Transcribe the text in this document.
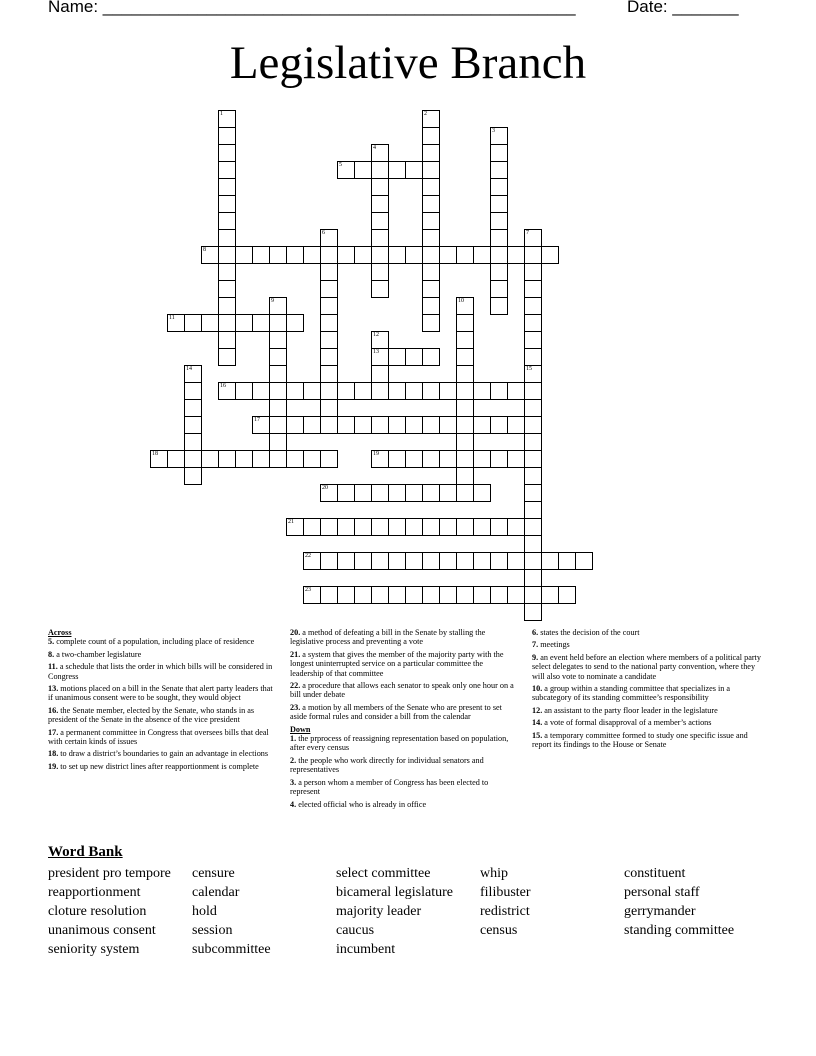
Name: __________________________________________________	Date: _______
Legislative Branch
1	2
3
4
5
6	7
8
9	10
11
12
13
14	15
16
17
18	19
20
21
22
23
Across
5. complete count of a population, including place of residence
8. a two-chamber legislature
11. a schedule that lists the order in which bills will be considered in Congress
13. motions placed on a bill in the Senate that alert party leaders that if unanimous consent were to be sought, they would object
16. the Senate member, elected by the Senate, who stands in as president of the Senate in the absence of the vice president
17. a permanent committee in Congress that oversees bills that deal with certain kinds of issues
18. to draw a district’s boundaries to gain an advantage in elections
19. to set up new district lines after reapportionment is complete
20. a method of defeating a bill in the Senate by stalling the legislative process and preventing a vote
21. a system that gives the member of the majority party with the longest uninterrupted service on a particular committee the leadership of that committee
22. a procedure that allows each senator to speak only one hour on a bill under debate
23. a motion by all members of the Senate who are present to set aside formal rules and consider a bill from the calendar
Down
1. the prprocess of reassigning representation based on population, after every census
2. the people who work directly for individual senators and representatives
3. a person whom a member of Congress has been elected to represent
4. elected official who is already in office
6. states the decision of the court
7. meetings
9. an event held before an election where members of a political party select delegates to send to the national party convention, where they will also vote to nominate a candidate
10. a group within a standing committee that specializes in a subcategory of its standing committee’s responsibility
12. an assistant to the party floor leader in the legislature
14. a vote of formal disapproval of a member’s actions
15. a temporary committee formed to study one specific issue and report its findings to the House or Senate
Word Bank
president pro tempore
reapportionment
cloture resolution
unanimous consent
seniority system
censure
calendar
hold
session
subcommittee
select committee
bicameral legislature
majority leader
caucus
incumbent
whip
filibuster
redistrict
census
constituent
personal staff
gerrymander
standing committee
